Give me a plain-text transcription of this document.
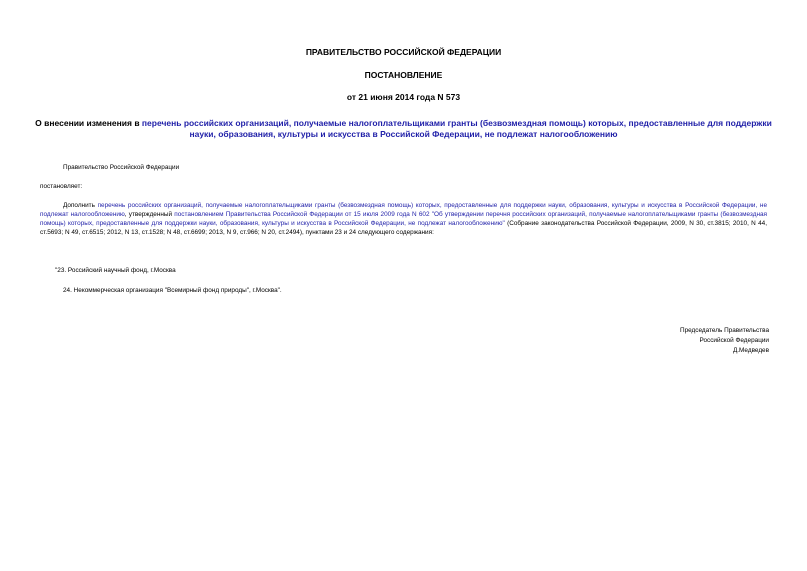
ПРАВИТЕЛЬСТВО РОССИЙСКОЙ ФЕДЕРАЦИИ
ПОСТАНОВЛЕНИЕ
от 21 июня 2014 года N 573
О внесении изменения в перечень российских организаций, получаемые налогоплательщиками гранты (безвозмездная помощь) которых, предоставленные для поддержки науки, образования, культуры и искусства в Российской Федерации, не подлежат налогообложению
Правительство Российской Федерации
постановляет:
Дополнить перечень российских организаций, получаемые налогоплательщиками гранты (безвозмездная помощь) которых, предоставленные для поддержки науки, образования, культуры и искусства в Российской Федерации, не подлежат налогообложению, утвержденный постановлением Правительства Российской Федерации от 15 июля 2009 года N 602 "Об утверждении перечня российских организаций, получаемые налогоплательщиками гранты (безвозмездная помощь) которых, предоставленные для поддержки науки, образования, культуры и искусства в Российской Федерации, не подлежат налогообложению" (Собрание законодательства Российской Федерации, 2009, N 30, ст.3815; 2010, N 44, ст.5693; N 49, ст.6515; 2012, N 13, ст.1528; N 48, ст.6699; 2013, N 9, ст.966; N 20, ст.2494), пунктами 23 и 24 следующего содержания:
"23. Российский научный фонд, г.Москва
24. Некоммерческая организация "Всемирный фонд природы", г.Москва".
Председатель Правительства
Российской Федерации
Д.Медведев
